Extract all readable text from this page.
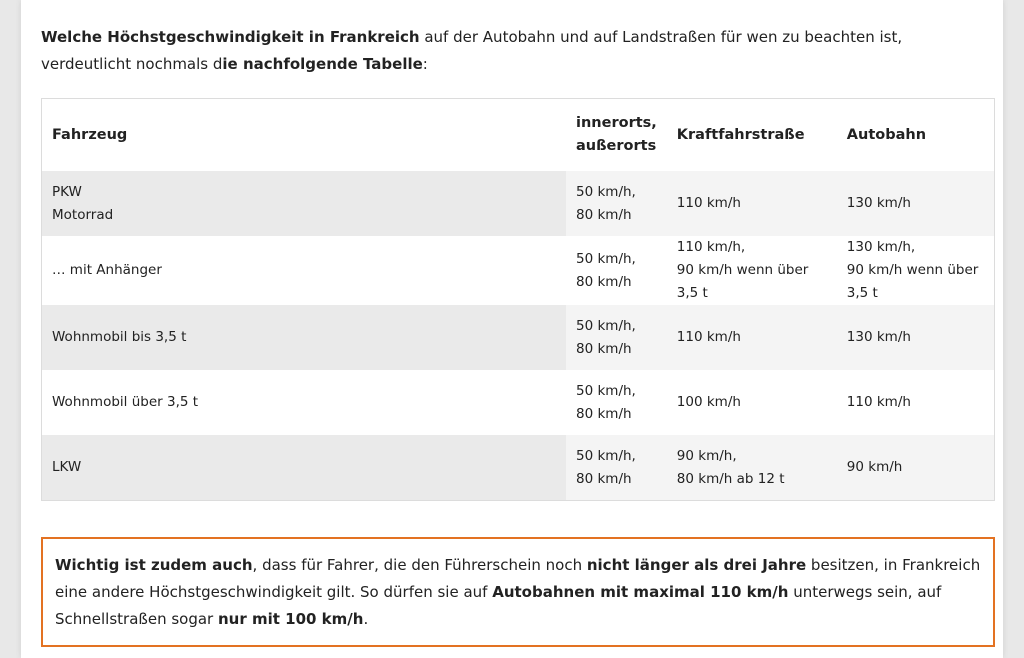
Welche Höchstgeschwindigkeit in Frankreich auf der Autobahn und auf Landstraßen für wen zu beachten ist, verdeutlicht nochmals die nachfolgende Tabelle:

Fahrzeug	innerorts,
außerorts	Kraftfahrstraße	Autobahn

PKW
Motorrad	50 km/h,
80 km/h	110 km/h	130 km/h

… mit Anhänger	50 km/h,
80 km/h	110 km/h,
90 km/h wenn über 3,5 t	130 km/h,
90 km/h wenn über 3,5 t

Wohnmobil bis 3,5 t	50 km/h,
80 km/h	110 km/h	130 km/h

Wohnmobil über 3,5 t	50 km/h,
80 km/h	100 km/h	110 km/h

LKW	50 km/h,
80 km/h	90 km/h,
80 km/h ab 12 t	90 km/h
Wichtig ist zudem auch, dass für Fahrer, die den Führerschein noch nicht länger als drei Jahre besitzen, in Frankreich eine andere Höchstgeschwindigkeit gilt. So dürfen sie auf Autobahnen mit maximal 110 km/h unterwegs sein, auf Schnellstraßen sogar nur mit 100 km/h.
